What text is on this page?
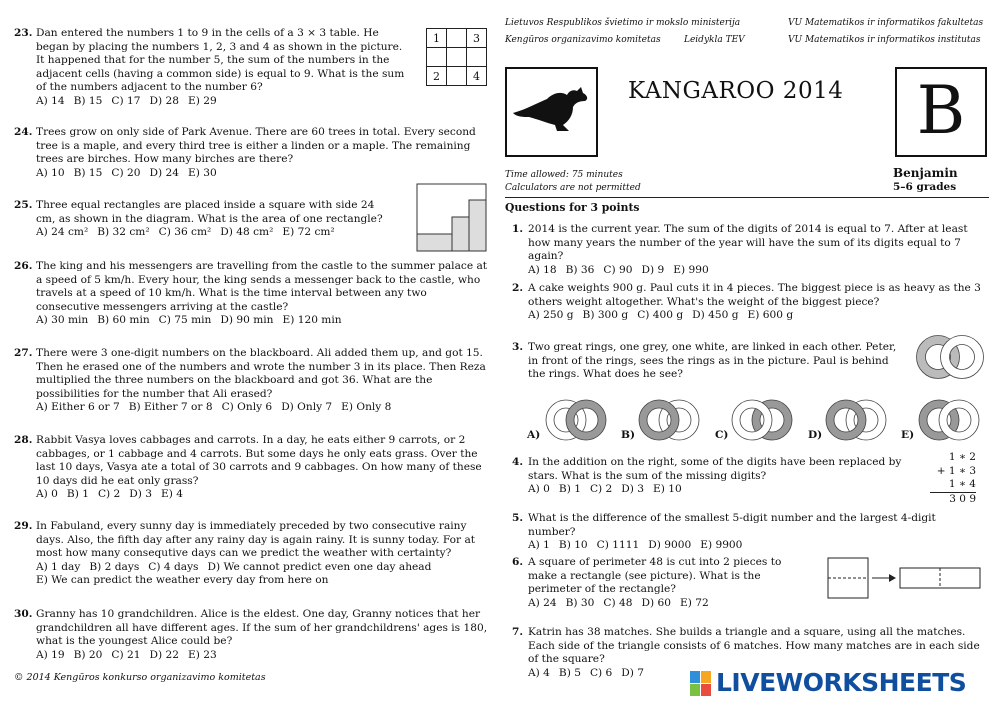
23. Dan entered the numbers 1 to 9 in the cells of a 3 × 3 table. He began by placing the numbers 1, 2, 3 and 4 as shown in the picture. It happened that for the number 5, the sum of the numbers in the adjacent cells (having a common side) is equal to 9. What is the sum of the numbers adjacent to the number 6?
A) 14 B) 15 C) 17 D) 28 E) 29
1		3

2		4
24. Trees grow on only side of Park Avenue. There are 60 trees in total. Every second tree is a maple, and every third tree is either a linden or a maple. The remaining trees are birches. How many birches are there?
A) 10 B) 15 C) 20 D) 24 E) 30
25. Three equal rectangles are placed inside a square with side 24 cm, as shown in the diagram. What is the area of one rectangle?
A) 24 cm² B) 32 cm² C) 36 cm² D) 48 cm² E) 72 cm²
26. The king and his messengers are travelling from the castle to the summer palace at a speed of 5 km/h. Every hour, the king sends a messenger back to the castle, who travels at a speed of 10 km/h. What is the time interval between any two consecutive messengers arriving at the castle?
A) 30 min B) 60 min C) 75 min D) 90 min E) 120 min
27. There were 3 one-digit numbers on the blackboard. Ali added them up, and got 15. Then he erased one of the numbers and wrote the number 3 in its place. Then Reza multiplied the three numbers on the blackboard and got 36. What are the possibilities for the number that Ali erased?
A) Either 6 or 7 B) Either 7 or 8 C) Only 6 D) Only 7 E) Only 8
28. Rabbit Vasya loves cabbages and carrots. In a day, he eats either 9 carrots, or 2 cabbages, or 1 cabbage and 4 carrots. But some days he only eats grass. Over the last 10 days, Vasya ate a total of 30 carrots and 9 cabbages. On how many of these 10 days did he eat only grass?
A) 0 B) 1 C) 2 D) 3 E) 4
29. In Fabuland, every sunny day is immediately preceded by two consecutive rainy days. Also, the fifth day after any rainy day is again rainy. It is sunny today. For at most how many consequtive days can we predict the weather with certainty?
A) 1 day B) 2 days C) 4 days D) We cannot predict even one day ahead
E) We can predict the weather every day from here on
30. Granny has 10 grandchildren. Alice is the eldest. One day, Granny notices that her grandchildren all have different ages. If the sum of her grandchildrens' ages is 180, what is the youngest Alice could be?
A) 19 B) 20 C) 21 D) 22 E) 23
© 2014 Kengūros konkurso organizavimo komitetas
Lietuvos Respublikos švietimo ir mokslo ministerija	VU Matematikos ir informatikos fakultetas
Kengūros organizavimo komitetas	Leidykla TEV	VU Matematikos ir informatikos institutas
KANGAROO 2014	B
Time allowed: 75 minutes
Calculators are not permitted
Benjamin
5–6 grades
Questions for 3 points
1. 2014 is the current year. The sum of the digits of 2014 is equal to 7. After at least how many years the number of the year will have the sum of its digits equal to 7 again?
A) 18 B) 36 C) 90 D) 9 E) 990
2. A cake weights 900 g. Paul cuts it in 4 pieces. The biggest piece is as heavy as the 3 others weight altogether. What's the weight of the biggest piece?
A) 250 g B) 300 g C) 400 g D) 450 g E) 600 g
3. Two great rings, one grey, one white, are linked in each other. Peter, in front of the rings, sees the rings as in the picture. Paul is behind the rings. What does he see?
A)	B)	C)	D)	E)
4. In the addition on the right, some of the digits have been replaced by stars. What is the sum of the missing digits?
A) 0 B) 1 C) 2 D) 3 E) 10
1 ∗ 2
+ 1 ∗ 3
1 ∗ 4
3 0 9
5. What is the difference of the smallest 5-digit number and the largest 4-digit number?
A) 1 B) 10 C) 1111 D) 9000 E) 9900
6. A square of perimeter 48 is cut into 2 pieces to make a rectangle (see picture). What is the perimeter of the rectangle?
A) 24 B) 30 C) 48 D) 60 E) 72
7. Katrin has 38 matches. She builds a triangle and a square, using all the matches. Each side of the triangle consists of 6 matches. How many matches are in each side of the square?
A) 4 B) 5 C) 6 D) 7	LIVEWORKSHEETS
